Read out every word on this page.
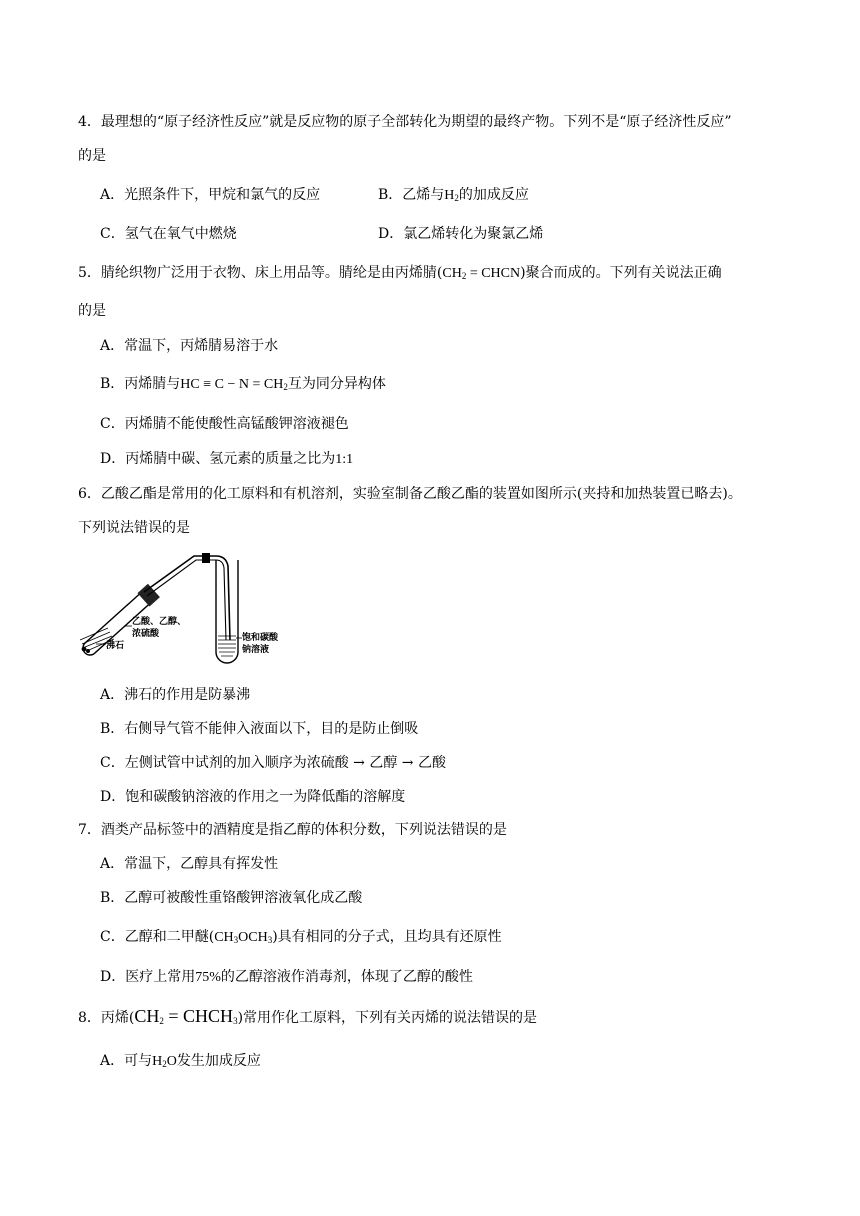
4．最理想的“原子经济性反应”就是反应物的原子全部转化为期望的最终产物。下列不是“原子经济性反应”
的是
A．光照条件下，甲烷和氯气的反应	B．乙烯与$H_2$的加成反应
C．氢气在氧气中燃烧	D．氯乙烯转化为聚氯乙烯
5．腈纶织物广泛用于衣物、床上用品等。腈纶是由丙烯腈($CH_2$ = CHCN)聚合而成的。下列有关说法正确
的是
A．常温下，丙烯腈易溶于水
B．丙烯腈与HC ≡ $C - N = CH_2$互为同分异构体
C．丙烯腈不能使酸性高锰酸钾溶液褪色
D．丙烯腈中碳、氢元素的质量之比为1:1
6．乙酸乙酯是常用的化工原料和有机溶剂，实验室制备乙酸乙酯的装置如图所示(夹持和加热装置已略去)。
下列说法错误的是
乙酸、乙醇、
浓硫酸
沸石
饱和碳酸
钠溶液
A．沸石的作用是防暴沸
B．右侧导气管不能伸入液面以下，目的是防止倒吸
C．左侧试管中试剂的加入顺序为浓硫酸 → 乙醇 → 乙酸
D．饱和碳酸钠溶液的作用之一为降低酯的溶解度
7．酒类产品标签中的酒精度是指乙醇的体积分数，下列说法错误的是
A．常温下，乙醇具有挥发性
B．乙醇可被酸性重铬酸钾溶液氧化成乙酸
C．乙醇和二甲醚$(CH_3OCH_3)$具有相同的分子式，且均具有还原性
D．医疗上常用75%的乙醇溶液作消毒剂，体现了乙醇的酸性
8．丙烯($CH_2$ = $CHCH_3$)常用作化工原料，下列有关丙烯的说法错误的是
A．可与$H_2O$发生加成反应
